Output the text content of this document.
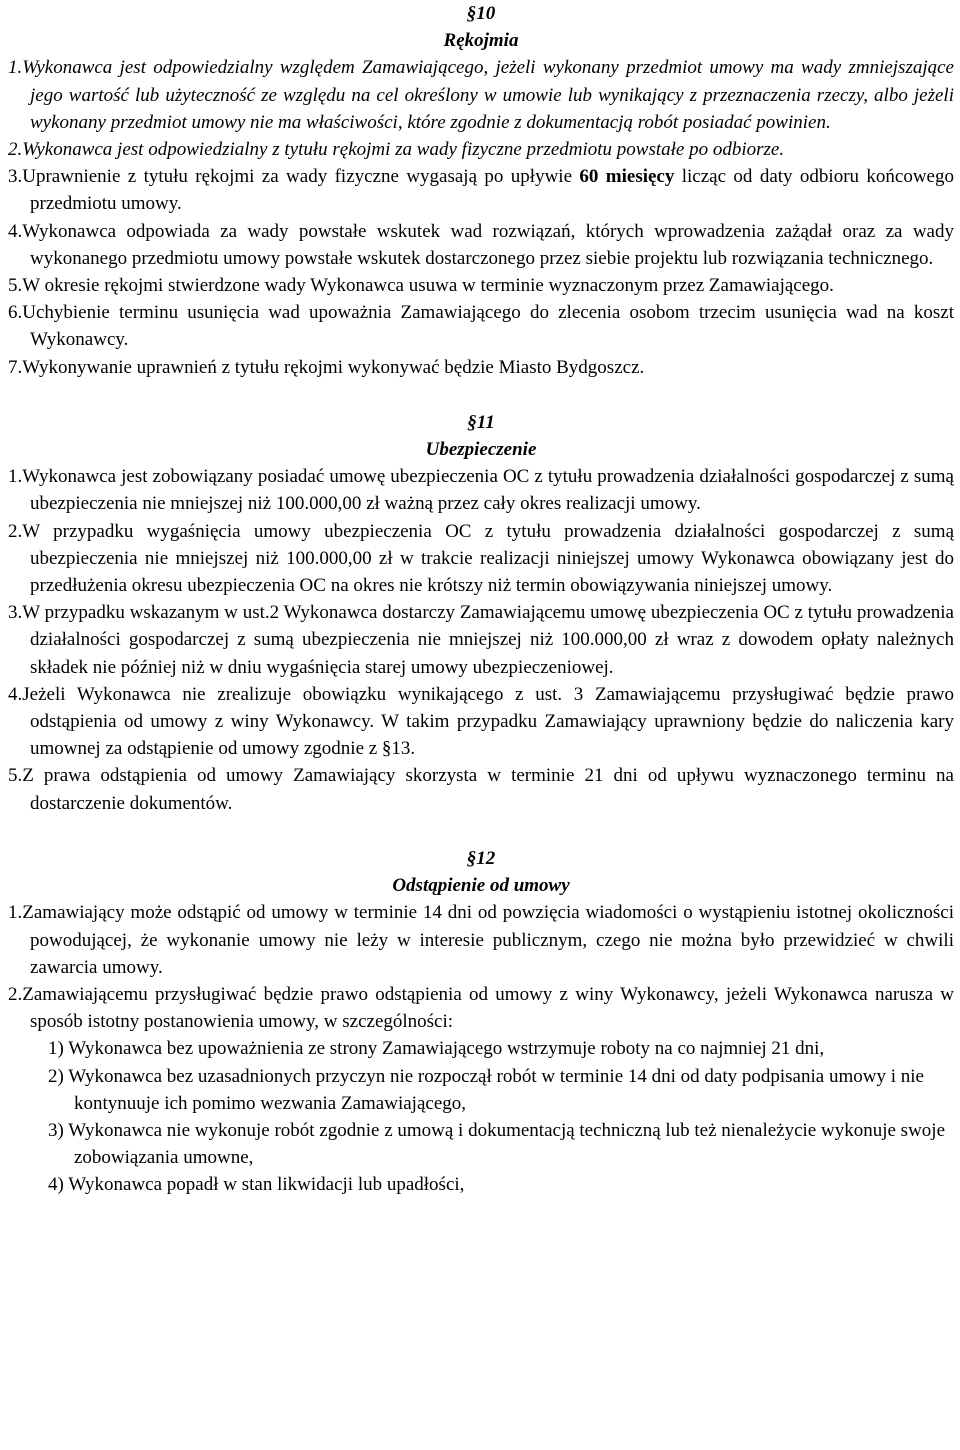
§10

Rękojmia

1.Wykonawca jest odpowiedzialny względem Zamawiającego, jeżeli wykonany przedmiot umowy ma wady zmniejszające jego wartość lub użyteczność ze względu na cel określony w umowie lub wynikający z przeznaczenia rzeczy, albo jeżeli wykonany przedmiot umowy nie ma właściwości, które zgodnie z dokumentacją robót posiadać powinien.

2.Wykonawca jest odpowiedzialny z tytułu rękojmi za wady fizyczne przedmiotu powstałe po odbiorze.

3.Uprawnienie z tytułu rękojmi za wady fizyczne wygasają po upływie 60 miesięcy licząc od daty odbioru końcowego przedmiotu umowy.

4.Wykonawca odpowiada za wady powstałe wskutek wad rozwiązań, których wprowadzenia zażądał oraz za wady wykonanego przedmiotu umowy powstałe wskutek dostarczonego przez siebie projektu lub rozwiązania technicznego.

5.W okresie rękojmi stwierdzone wady Wykonawca usuwa w terminie wyznaczonym przez Zamawiającego.

6.Uchybienie terminu usunięcia wad upoważnia Zamawiającego do zlecenia osobom trzecim usunięcia wad na koszt Wykonawcy.

7.Wykonywanie uprawnień z tytułu rękojmi wykonywać będzie Miasto Bydgoszcz.

§11

Ubezpieczenie

1.Wykonawca jest zobowiązany posiadać umowę ubezpieczenia OC z tytułu prowadzenia działalności gospodarczej z sumą ubezpieczenia nie mniejszej niż 100.000,00 zł ważną przez cały okres realizacji umowy.

2.W przypadku wygaśnięcia umowy ubezpieczenia OC z tytułu prowadzenia działalności gospodarczej z sumą ubezpieczenia nie mniejszej niż 100.000,00 zł w trakcie realizacji niniejszej umowy Wykonawca obowiązany jest do przedłużenia okresu ubezpieczenia OC na okres nie krótszy niż termin obowiązywania niniejszej umowy.

3.W przypadku wskazanym w ust.2 Wykonawca dostarczy Zamawiającemu umowę ubezpieczenia OC z tytułu prowadzenia działalności gospodarczej z sumą ubezpieczenia nie mniejszej niż 100.000,00 zł wraz z dowodem opłaty należnych składek nie później niż w dniu wygaśnięcia starej umowy ubezpieczeniowej.

4.Jeżeli Wykonawca nie zrealizuje obowiązku wynikającego z ust. 3 Zamawiającemu przysługiwać będzie prawo odstąpienia od umowy z winy Wykonawcy. W takim przypadku Zamawiający uprawniony będzie do naliczenia kary umownej za odstąpienie od umowy zgodnie z §13.

5.Z prawa odstąpienia od umowy Zamawiający skorzysta w terminie 21 dni od upływu wyznaczonego terminu na dostarczenie dokumentów.

§12

Odstąpienie od umowy

1.Zamawiający może odstąpić od umowy w terminie 14 dni od powzięcia wiadomości o wystąpieniu istotnej okoliczności powodującej, że wykonanie umowy nie leży w interesie publicznym, czego nie można było przewidzieć w chwili zawarcia umowy.

2.Zamawiającemu przysługiwać będzie prawo odstąpienia od umowy z winy Wykonawcy, jeżeli Wykonawca narusza w sposób istotny postanowienia umowy, w szczególności:

1) Wykonawca bez upoważnienia ze strony Zamawiającego wstrzymuje roboty na co najmniej 21 dni,

2) Wykonawca bez uzasadnionych przyczyn nie rozpoczął robót w terminie 14 dni od daty podpisania umowy i nie kontynuuje ich pomimo wezwania Zamawiającego,

3) Wykonawca nie wykonuje robót zgodnie z umową i dokumentacją techniczną lub też nienależycie wykonuje swoje zobowiązania umowne,

4) Wykonawca popadł w stan likwidacji lub upadłości,
